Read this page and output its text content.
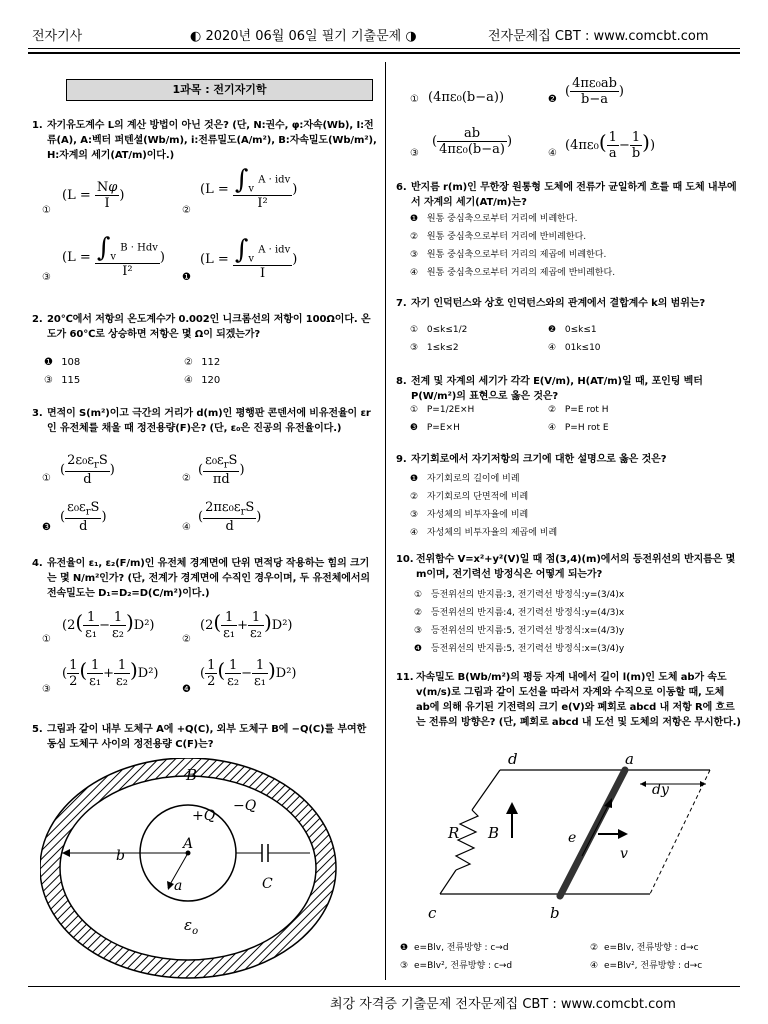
전자기사	◐ 2020년 06월 06일 필기 기출문제 ◑	전자문제집 CBT : www.comcbt.com
1과목 : 전기자기학
1. 자기유도계수 L의 계산 방법이 아닌 것은? (단, N:권수, φ:자속(Wb), I:전류(A), A:벡터 퍼텐셜(Wb/m), i:전류밀도(A/m²), B:자속밀도(Wb/m²), H:자계의 세기(AT/m)이다.)
①
($L = \frac{N\varphi}{I}$ )
②
($L = \frac{\int_v ^{A \cdot idv}}{\text{I²}}$ )
③
($L = \frac{\int_v ^{B \cdot Hdv}}{\text{I²}}$ )
❶
($L = \frac{\int_v ^{A \cdot idv}}{I}$ )
2. 20℃에서 저항의 온도계수가 0.002인 니크롬선의 저항이 100Ω이다. 온도가 60℃로 상승하면 저항은 몇 Ω이 되겠는가?
❶ 108	② 112
③ 115	④ 120
3. 면적이 S(m²)이고 극간의 거리가 d(m)인 평행판 콘덴서에 비유전율이 εr인 유전체를 채울 때 정전용량(F)은? (단, ε₀은 진공의 유전율이다.)
①
( $\frac{2\varepsilon_0\varepsilon_rS}{d}$ )
②
( $\frac{\varepsilon_0\varepsilon_rS}{\pi d}$ )
❸
( $\frac{\varepsilon_0\varepsilon_rS}{d}$ )
④
( $\frac{2\pi\varepsilon_0\varepsilon_rS}{d}$ )
4. 유전율이 ε₁, ε₂(F/m)인 유전체 경계면에 단위 면적당 작용하는 힘의 크기는 몇 N/m²인가? (단, 전계가 경계면에 수직인 경우이며, 두 유전체에서의 전속밀도는 D₁=D₂=D(C/m²)이다.)
①
$(2( \frac{1}{\text{ε₁}} - \frac{1}{\text{ε₂}} )D^2)$
②
$(2( \frac{1}{\text{ε₁}} + \frac{1}{\text{ε₂}} )D^2)$
③
( $\frac{1}{2}$ ( $\frac{1}{\text{ε₁}} + \frac{1}{\text{ε₂}} )D^2$)
❹
( $\frac{1}{2}$ ( $\frac{1}{\text{ε₂}} - \frac{1}{\text{ε₁}} )D^2$)
5. 그림과 같이 내부 도체구 A에 +Q(C), 외부 도체구 B에 −Q(C)를 부여한 동심 도체구 사이의 정전용량 C(F)는?
B
+Q
−Q
A
b
a	C
$\varepsilon_o$
① (4πε₀(b−a))	❷
( $\frac{\text{4πε₀ab}}{b-a}$ )
③
( $\frac{ab}{\text{4πε₀(b−a)}}$ )
④
($4\pi\varepsilon_0( \frac{1}{a} - \frac{1}{b}$ ))
6. 반지름 r(m)인 무한장 원통형 도체에 전류가 균일하게 흐를 때 도체 내부에서 자계의 세기(AT/m)는?
❶ 원통 중심축으로부터 거리에 비례한다.
② 원통 중심축으로부터 거리에 반비례한다.
③ 원통 중심축으로부터 거리의 제곱에 비례한다.
④ 원통 중심축으로부터 거리의 제곱에 반비례한다.
7. 자기 인덕턴스와 상호 인덕턴스와의 관계에서 결합계수 k의 범위는?
① 0≤k≤1/2	❷ 0≤k≤1
③ 1≤k≤2	④ 01k≤10
8. 전계 및 자계의 세기가 각각 E(V/m), H(AT/m)일 때, 포인팅 벡터 P(W/m²)의 표현으로 옳은 것은?
① P=1/2E×H	② P=E rot H
❸ P=E×H	④ P=H rot E
9. 자기회로에서 자기저항의 크기에 대한 설명으로 옳은 것은?
❶ 자기회로의 길이에 비례
② 자기회로의 단면적에 비례
③ 자성체의 비투자율에 비례
④ 자성체의 비투자율의 제곱에 비례
10. 전위함수 V=x²+y²(V)일 때 점(3,4)(m)에서의 등전위선의 반지름은 몇 m이며, 전기력선 방정식은 어떻게 되는가?
① 등전위선의 반지름:3, 전기력선 방정식:y=(3/4)x
② 등전위선의 반지름:4, 전기력선 방정식:y=(4/3)x
③ 등전위선의 반지름:5, 전기력선 방정식:x=(4/3)y
❹ 등전위선의 반지름:5, 전기력선 방정식:x=(3/4)y
11. 자속밀도 B(Wb/m²)의 평등 자계 내에서 길이 l(m)인 도체 ab가 속도 v(m/s)로 그림과 같이 도선을 따라서 자계와 수직으로 이동할 때, 도체 ab에 의해 유기된 기전력의 크기 e(V)와 폐회로 abcd 내 저항 R에 흐르는 전류의 방향은? (단, 폐회로 abcd 내 도선 및 도체의 저항은 무시한다.)
d	a
dy
R B	e
v
c	b
❶ e=Blv, 전류방향 : c→d	② e=Blv, 전류방향 : d→c
③ e=Blv², 전류방향 : c→d	④ e=Blv², 전류방향 : d→c
최강 자격증 기출문제 전자문제집 CBT : www.comcbt.com
